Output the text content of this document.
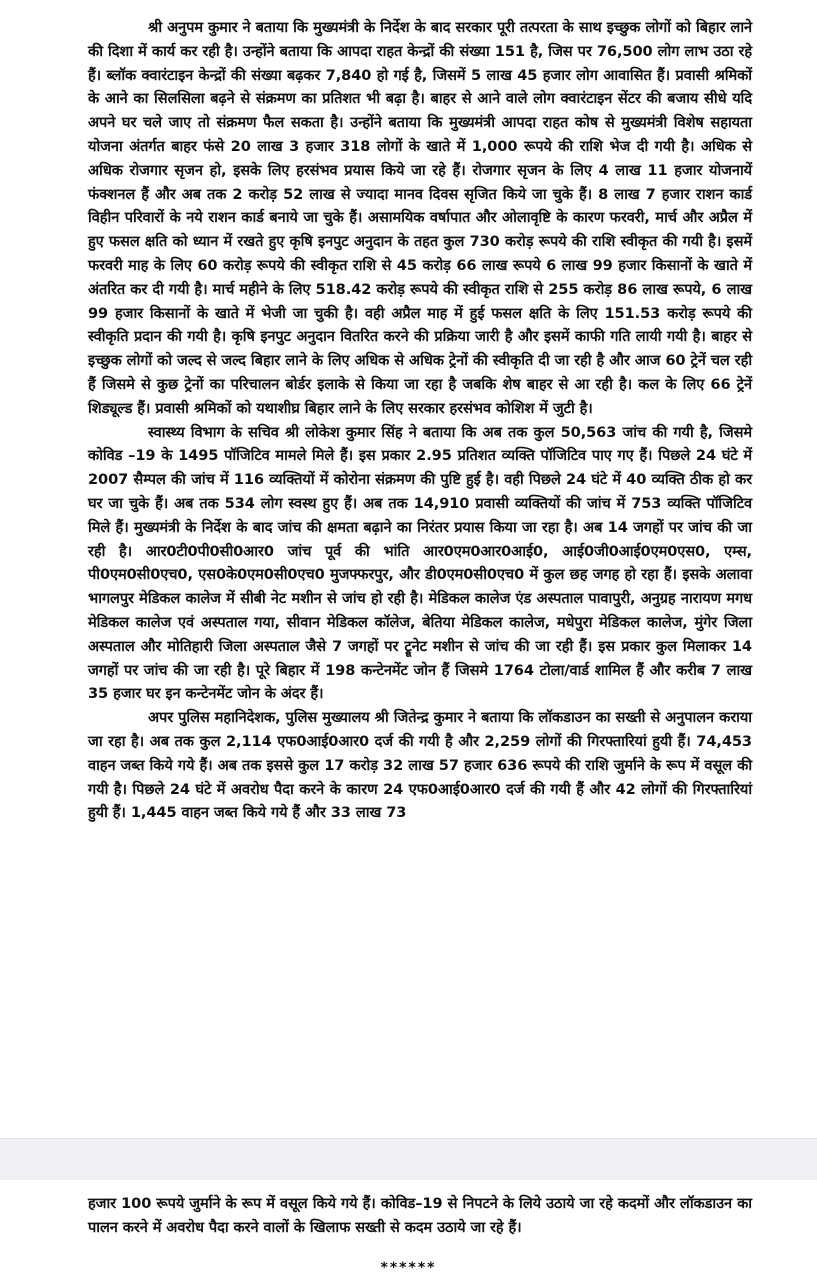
श्री अनुपम कुमार ने बताया कि मुख्यमंत्री के निर्देश के बाद सरकार पूरी तत्परता के साथ इच्छुक लोगों को बिहार लाने की दिशा में कार्य कर रही है। उन्होंने बताया कि आपदा राहत केन्द्रों की संख्या 151 है, जिस पर 76,500 लोग लाभ उठा रहे हैं। ब्लॉक क्वारंटाइन केन्द्रों की संख्या बढ़कर 7,840 हो गई है, जिसमें 5 लाख 45 हजार लोग आवासित हैं। प्रवासी श्रमिकों के आने का सिलसिला बढ़ने से संक्रमण का प्रतिशत भी बढ़ा है। बाहर से आने वाले लोग क्वारंटाइन सेंटर की बजाय सीधे यदि अपने घर चले जाए तो संक्रमण फैल सकता है। उन्होंने बताया कि मुख्यमंत्री आपदा राहत कोष से मुख्यमंत्री विशेष सहायता योजना अंतर्गत बाहर फंसे 20 लाख 3 हजार 318 लोगों के खाते में 1,000 रूपये की राशि भेज दी गयी है। अधिक से अधिक रोजगार सृजन हो, इसके लिए हरसंभव प्रयास किये जा रहे हैं। रोजगार सृजन के लिए 4 लाख 11 हजार योजनायें फंक्शनल हैं और अब तक 2 करोड़ 52 लाख से ज्यादा मानव दिवस सृजित किये जा चुके हैं। 8 लाख 7 हजार राशन कार्ड विहीन परिवारों के नये राशन कार्ड बनाये जा चुके हैं। असामयिक वर्षापात और ओलावृष्टि के कारण फरवरी, मार्च और अप्रैल में हुए फसल क्षति को ध्यान में रखते हुए कृषि इनपुट अनुदान के तहत कुल 730 करोड़ रूपये की राशि स्वीकृत की गयी है। इसमें फरवरी माह के लिए 60 करोड़ रूपये की स्वीकृत राशि से 45 करोड़ 66 लाख रूपये 6 लाख 99 हजार किसानों के खाते में अंतरित कर दी गयी है। मार्च महीने के लिए 518.42 करोड़ रूपये की स्वीकृत राशि से 255 करोड़ 86 लाख रूपये, 6 लाख 99 हजार किसानों के खाते में भेजी जा चुकी है। वही अप्रैल माह में हुई फसल क्षति के लिए 151.53 करोड़ रूपये की स्वीकृति प्रदान की गयी है। कृषि इनपुट अनुदान वितरित करने की प्रक्रिया जारी है और इसमें काफी गति लायी गयी है। बाहर से इच्छुक लोगों को जल्द से जल्द बिहार लाने के लिए अधिक से अधिक ट्रेनों की स्वीकृति दी जा रही है और आज 60 ट्रेनें चल रही हैं जिसमे से कुछ ट्रेनों का परिचालन बोर्डर इलाके से किया जा रहा है जबकि शेष बाहर से आ रही है। कल के लिए 66 ट्रेनें शिड्यूल्ड हैं। प्रवासी श्रमिकों को यथाशीघ्र बिहार लाने के लिए सरकार हरसंभव कोशिश में जुटी है।

स्वास्थ्य विभाग के सचिव श्री लोकेश कुमार सिंह ने बताया कि अब तक कुल 50,563 जांच की गयी है, जिसमे कोविड –19 के 1495 पॉजिटिव मामले मिले हैं। इस प्रकार 2.95 प्रतिशत व्यक्ति पॉजिटिव पाए गए हैं। पिछले 24 घंटे में 2007 सैम्पल की जांच में 116 व्यक्तियों में कोरोना संक्रमण की पुष्टि हुई है। वही पिछले 24 घंटे में 40 व्यक्ति ठीक हो कर घर जा चुके हैं। अब तक 534 लोग स्वस्थ हुए हैं। अब तक 14,910 प्रवासी व्यक्तियों की जांच में 753 व्यक्ति पॉजिटिव मिले हैं। मुख्यमंत्री के निर्देश के बाद जांच की क्षमता बढ़ाने का निरंतर प्रयास किया जा रहा है। अब 14 जगहों पर जांच की जा रही है। आर0टी0पी0सी0आर0 जांच पूर्व की भांति आर0एम0आर0आई0, आई0जी0आई0एम0एस0, एम्स, पी0एम0सी0एच0, एस0के0एम0सी0एच0 मुजफ्फरपुर, और डी0एम0सी0एच0 में कुल छह जगह हो रहा हैं। इसके अलावा भागलपुर मेडिकल कालेज में सीबी नेट मशीन से जांच हो रही है। मेडिकल कालेज एंड अस्पताल पावापुरी, अनुग्रह नारायण मगध मेडिकल कालेज एवं अस्पताल गया, सीवान मेडिकल कॉलेज, बेतिया मेडिकल कालेज, मधेपुरा मेडिकल कालेज, मुंगेर जिला अस्पताल और मोतिहारी जिला अस्पताल जैसे 7 जगहों पर ट्रूनेट मशीन से जांच की जा रही हैं। इस प्रकार कुल मिलाकर 14 जगहों पर जांच की जा रही है। पूरे बिहार में 198 कन्टेनमेंट जोन हैं जिसमे 1764 टोला/वार्ड शामिल हैं और करीब 7 लाख 35 हजार घर इन कन्टेनमेंट जोन के अंदर हैं।

अपर पुलिस महानिदेशक, पुलिस मुख्यालय श्री जितेन्द्र कुमार ने बताया कि लॉकडाउन का सख्ती से अनुपालन कराया जा रहा है। अब तक कुल 2,114 एफ0आई0आर0 दर्ज की गयी है और 2,259 लोगों की गिरफ्तारियां हुयी हैं। 74,453 वाहन जब्त किये गये हैं। अब तक इससे कुल 17 करोड़ 32 लाख 57 हजार 636 रूपये की राशि जुर्माने के रूप में वसूल की गयी है। पिछले 24 घंटे में अवरोध पैदा करने के कारण 24 एफ0आई0आर0 दर्ज की गयी हैं और 42 लोगों की गिरफ्तारियां हुयी हैं। 1,445 वाहन जब्त किये गये हैं और 33 लाख 73

हजार 100 रूपये जुर्माने के रूप में वसूल किये गये हैं। कोविड–19 से निपटने के लिये उठाये जा रहे कदमों और लॉकडाउन का पालन करने में अवरोध पैदा करने वालों के खिलाफ सख्ती से कदम उठाये जा रहे हैं।

******
